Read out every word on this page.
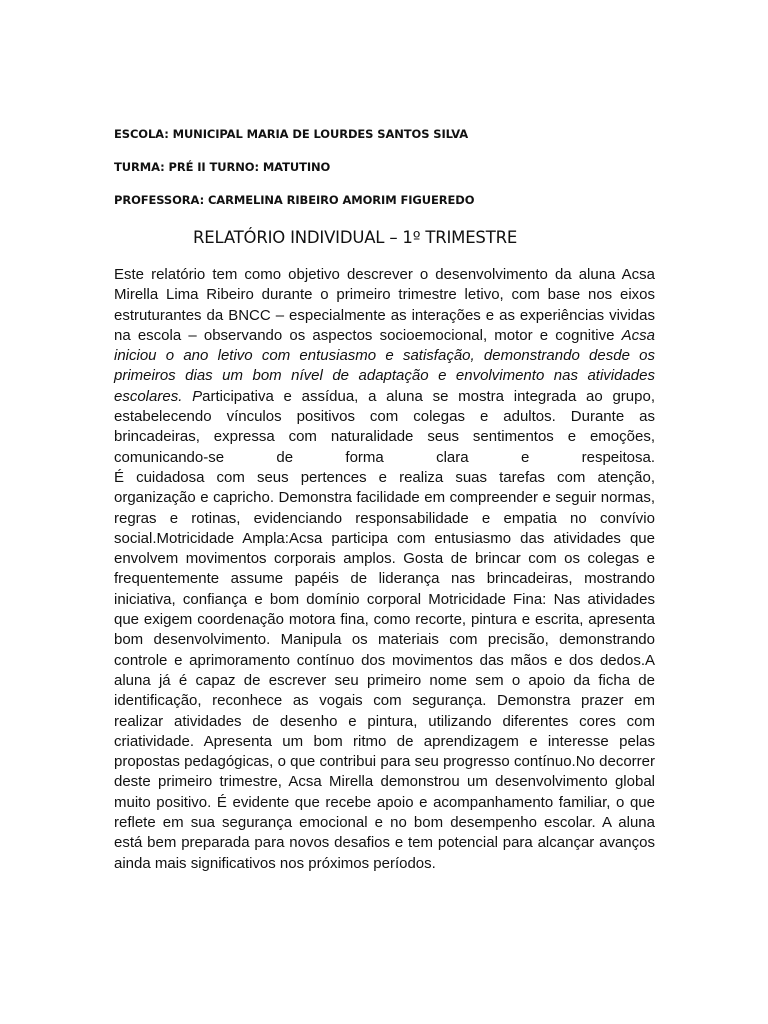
ESCOLA: MUNICIPAL MARIA DE LOURDES SANTOS SILVA
TURMA: PRÉ II TURNO: MATUTINO
PROFESSORA: CARMELINA RIBEIRO AMORIM FIGUEREDO
RELATÓRIO INDIVIDUAL – 1º TRIMESTRE

Este relatório tem como objetivo descrever o desenvolvimento da aluna Acsa Mirella Lima Ribeiro durante o primeiro trimestre letivo, com base nos eixos estruturantes da BNCC – especialmente as interações e as experiências vividas na escola – observando os aspectos socioemocional, motor e cognitive Acsa iniciou o ano letivo com entusiasmo e satisfação, demonstrando desde os primeiros dias um bom nível de adaptação e envolvimento nas atividades escolares. Participativa e assídua, a aluna se mostra integrada ao grupo, estabelecendo vínculos positivos com colegas e adultos. Durante as brincadeiras, expressa com naturalidade seus sentimentos e emoções, comunicando-se de forma clara e respeitosa.

É cuidadosa com seus pertences e realiza suas tarefas com atenção, organização e capricho. Demonstra facilidade em compreender e seguir normas, regras e rotinas, evidenciando responsabilidade e empatia no convívio social.Motricidade Ampla:Acsa participa com entusiasmo das atividades que envolvem movimentos corporais amplos. Gosta de brincar com os colegas e frequentemente assume papéis de liderança nas brincadeiras, mostrando iniciativa, confiança e bom domínio corporal Motricidade Fina: Nas atividades que exigem coordenação motora fina, como recorte, pintura e escrita, apresenta bom desenvolvimento. Manipula os materiais com precisão, demonstrando controle e aprimoramento contínuo dos movimentos das mãos e dos dedos.A aluna já é capaz de escrever seu primeiro nome sem o apoio da ficha de identificação, reconhece as vogais com segurança. Demonstra prazer em realizar atividades de desenho e pintura, utilizando diferentes cores com criatividade. Apresenta um bom ritmo de aprendizagem e interesse pelas propostas pedagógicas, o que contribui para seu progresso contínuo.No decorrer deste primeiro trimestre, Acsa Mirella demonstrou um desenvolvimento global muito positivo. É evidente que recebe apoio e acompanhamento familiar, o que reflete em sua segurança emocional e no bom desempenho escolar. A aluna está bem preparada para novos desafios e tem potencial para alcançar avanços ainda mais significativos nos próximos períodos.
